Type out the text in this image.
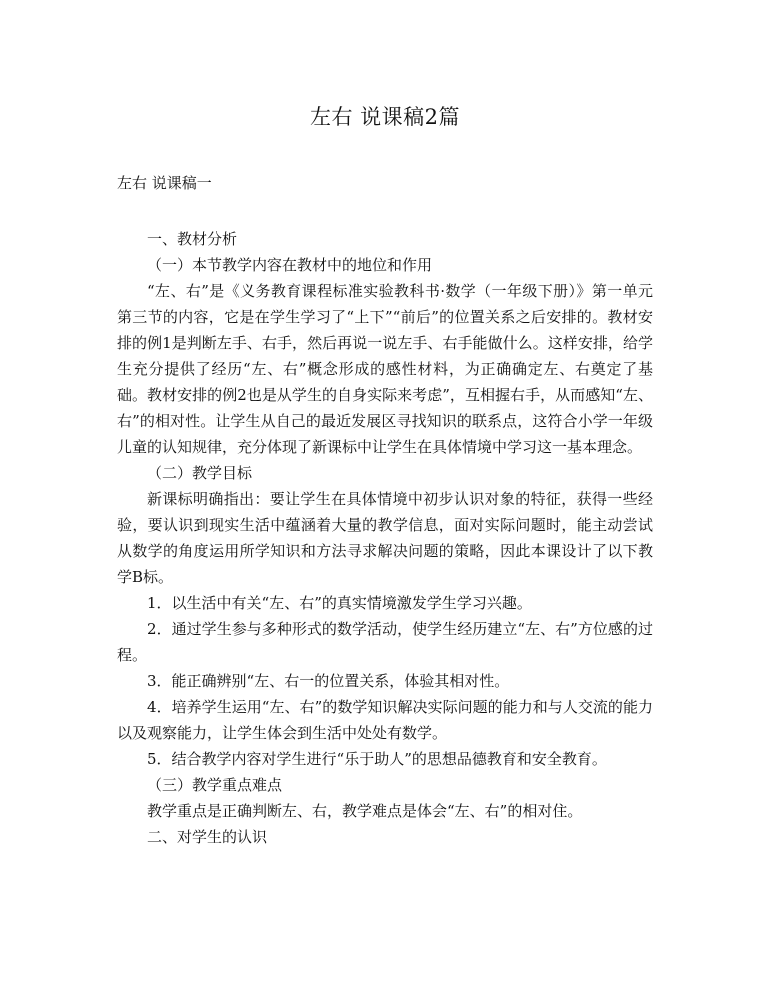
左右 说课稿2篇
左右 说课稿一

一、教材分析

（一）本节教学内容在教材中的地位和作用

“左、右”是《义务教育课程标准实验教科书·数学（一年级下册）》第一单元第三节的内容，它是在学生学习了“上下”“前后”的位置关系之后安排的。教材安排的例1是判断左手、右手，然后再说一说左手、右手能做什么。这样安排，给学生充分提供了经历“左、右”概念形成的感性材料，为正确确定左、右奠定了基础。教材安排的例2也是从学生的自身实际来考虑”，互相握右手，从而感知“左、右”的相对性。让学生从自己的最近发展区寻找知识的联系点，这符合小学一年级儿童的认知规律，充分体现了新课标中让学生在具体情境中学习这一基本理念。

（二）教学目标

新课标明确指出：要让学生在具体情境中初步认识对象的特征，获得一些经验，要认识到现实生活中蕴涵着大量的教学信息，面对实际问题时，能主动尝试从数学的角度运用所学知识和方法寻求解决问题的策略，因此本课设计了以下教学B标。

1．以生活中有关“左、右”的真实情境激发学生学习兴趣。

2．通过学生参与多种形式的数学活动，使学生经历建立“左、右”方位感的过程。

3．能正确辨别“左、右一的位置关系，体验其相对性。

4．培养学生运用“左、右”的数学知识解决实际问题的能力和与人交流的能力以及观察能力，让学生体会到生活中处处有数学。

5．结合教学内容对学生进行“乐于助人”的思想品德教育和安全教育。

（三）教学重点难点

教学重点是正确判断左、右，教学难点是体会“左、右”的相对住。

二、对学生的认识
